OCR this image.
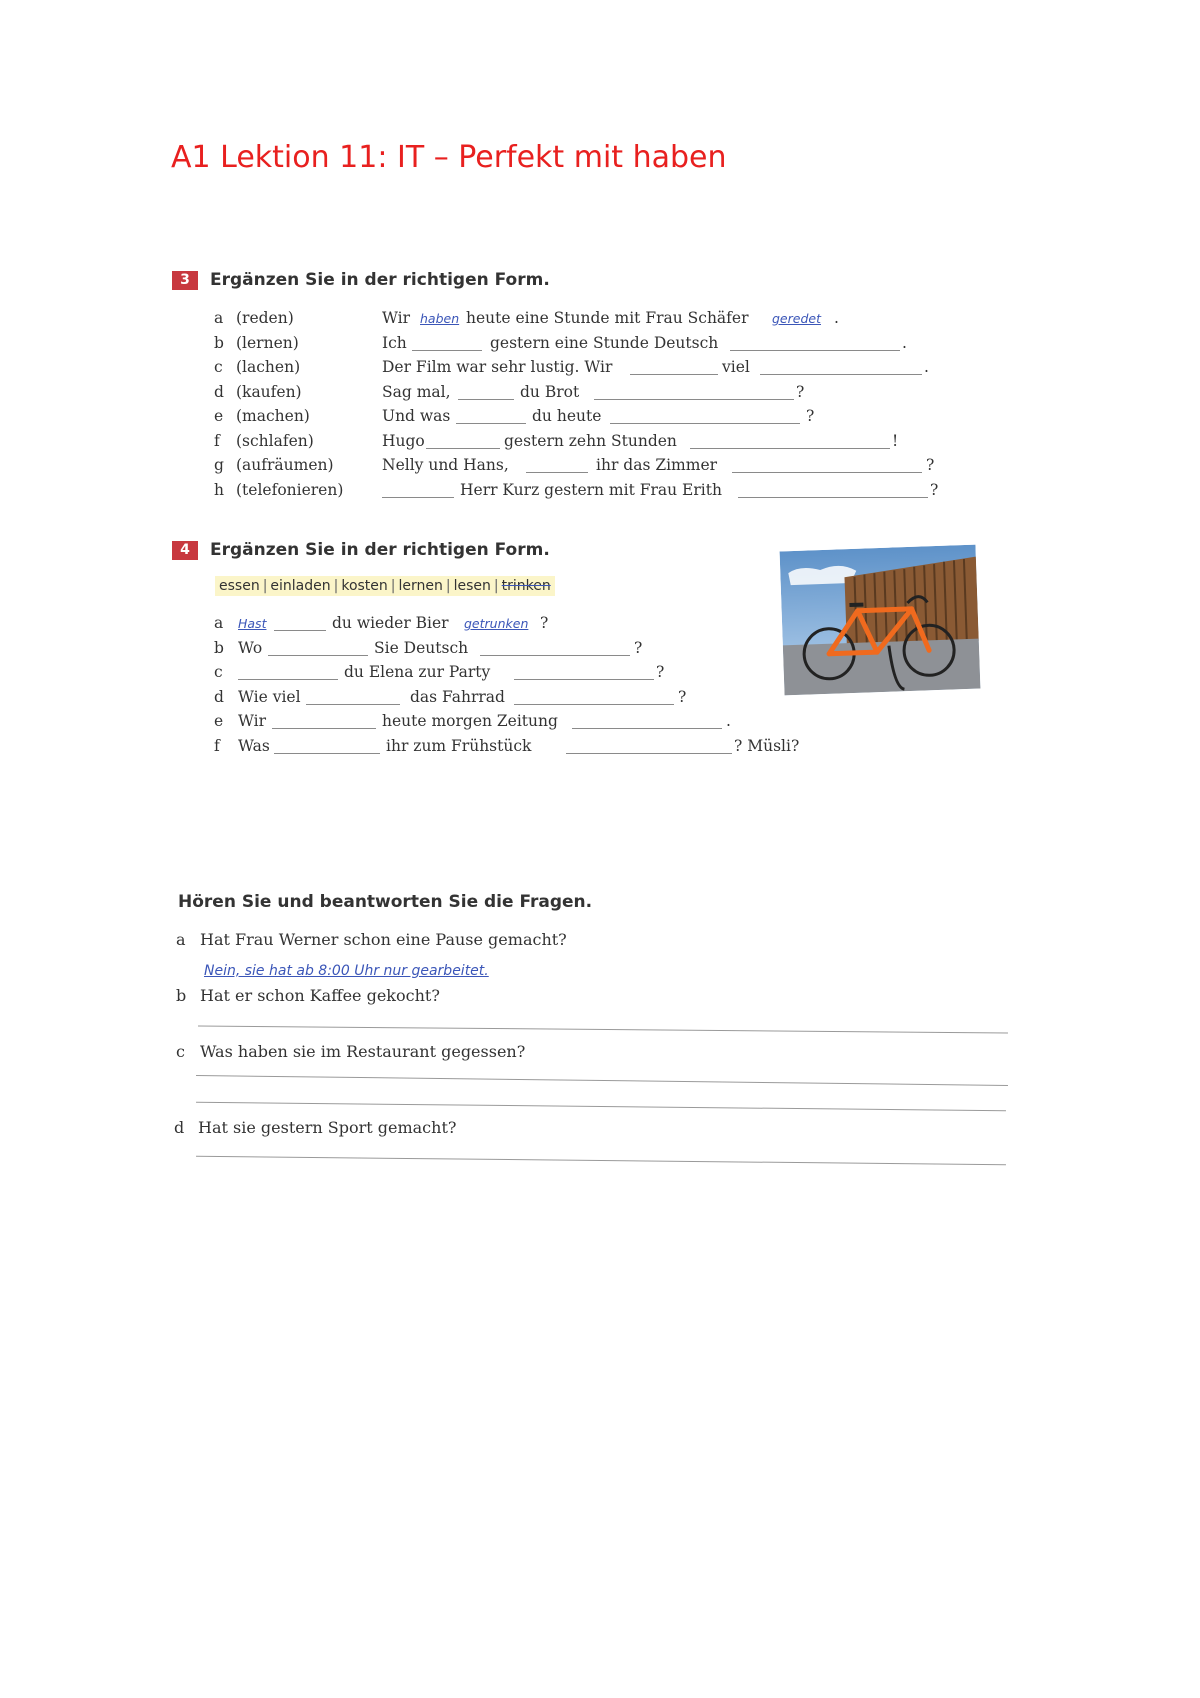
A1 Lektion 11: IT – Perfekt mit haben
3	Ergänzen Sie in der richtigen Form.
a (reden)	Wir haben heute eine Stunde mit Frau Schäfer geredet .
b (lernen)	Ich	gestern eine Stunde Deutsch	.
c (lachen)	Der Film war sehr lustig. Wir	viel	.
d (kaufen)	Sag mal,	du Brot	?
e (machen)	Und was	du heute	?
f (schlafen)	Hugo	gestern zehn Stunden	!
g (aufräumen)	Nelly und Hans,	ihr das Zimmer	?
h (telefonieren)	Herr Kurz gestern mit Frau Erith	?
4	Ergänzen Sie in der richtigen Form.
essen | einladen | kosten | lernen | lesen | trinken
a Hast	du wieder Bier getrunken ?
b Wo	Sie Deutsch	?
c	du Elena zur Party	?
d Wie viel	das Fahrrad	?
e Wir	heute morgen Zeitung	.
f Was	ihr zum Frühstück	? Müsli?
Hören Sie und beantworten Sie die Fragen.
a Hat Frau Werner schon eine Pause gemacht?
Nein, sie hat ab 8:00 Uhr nur gearbeitet.
b Hat er schon Kaffee gekocht?
c Was haben sie im Restaurant gegessen?
d Hat sie gestern Sport gemacht?
